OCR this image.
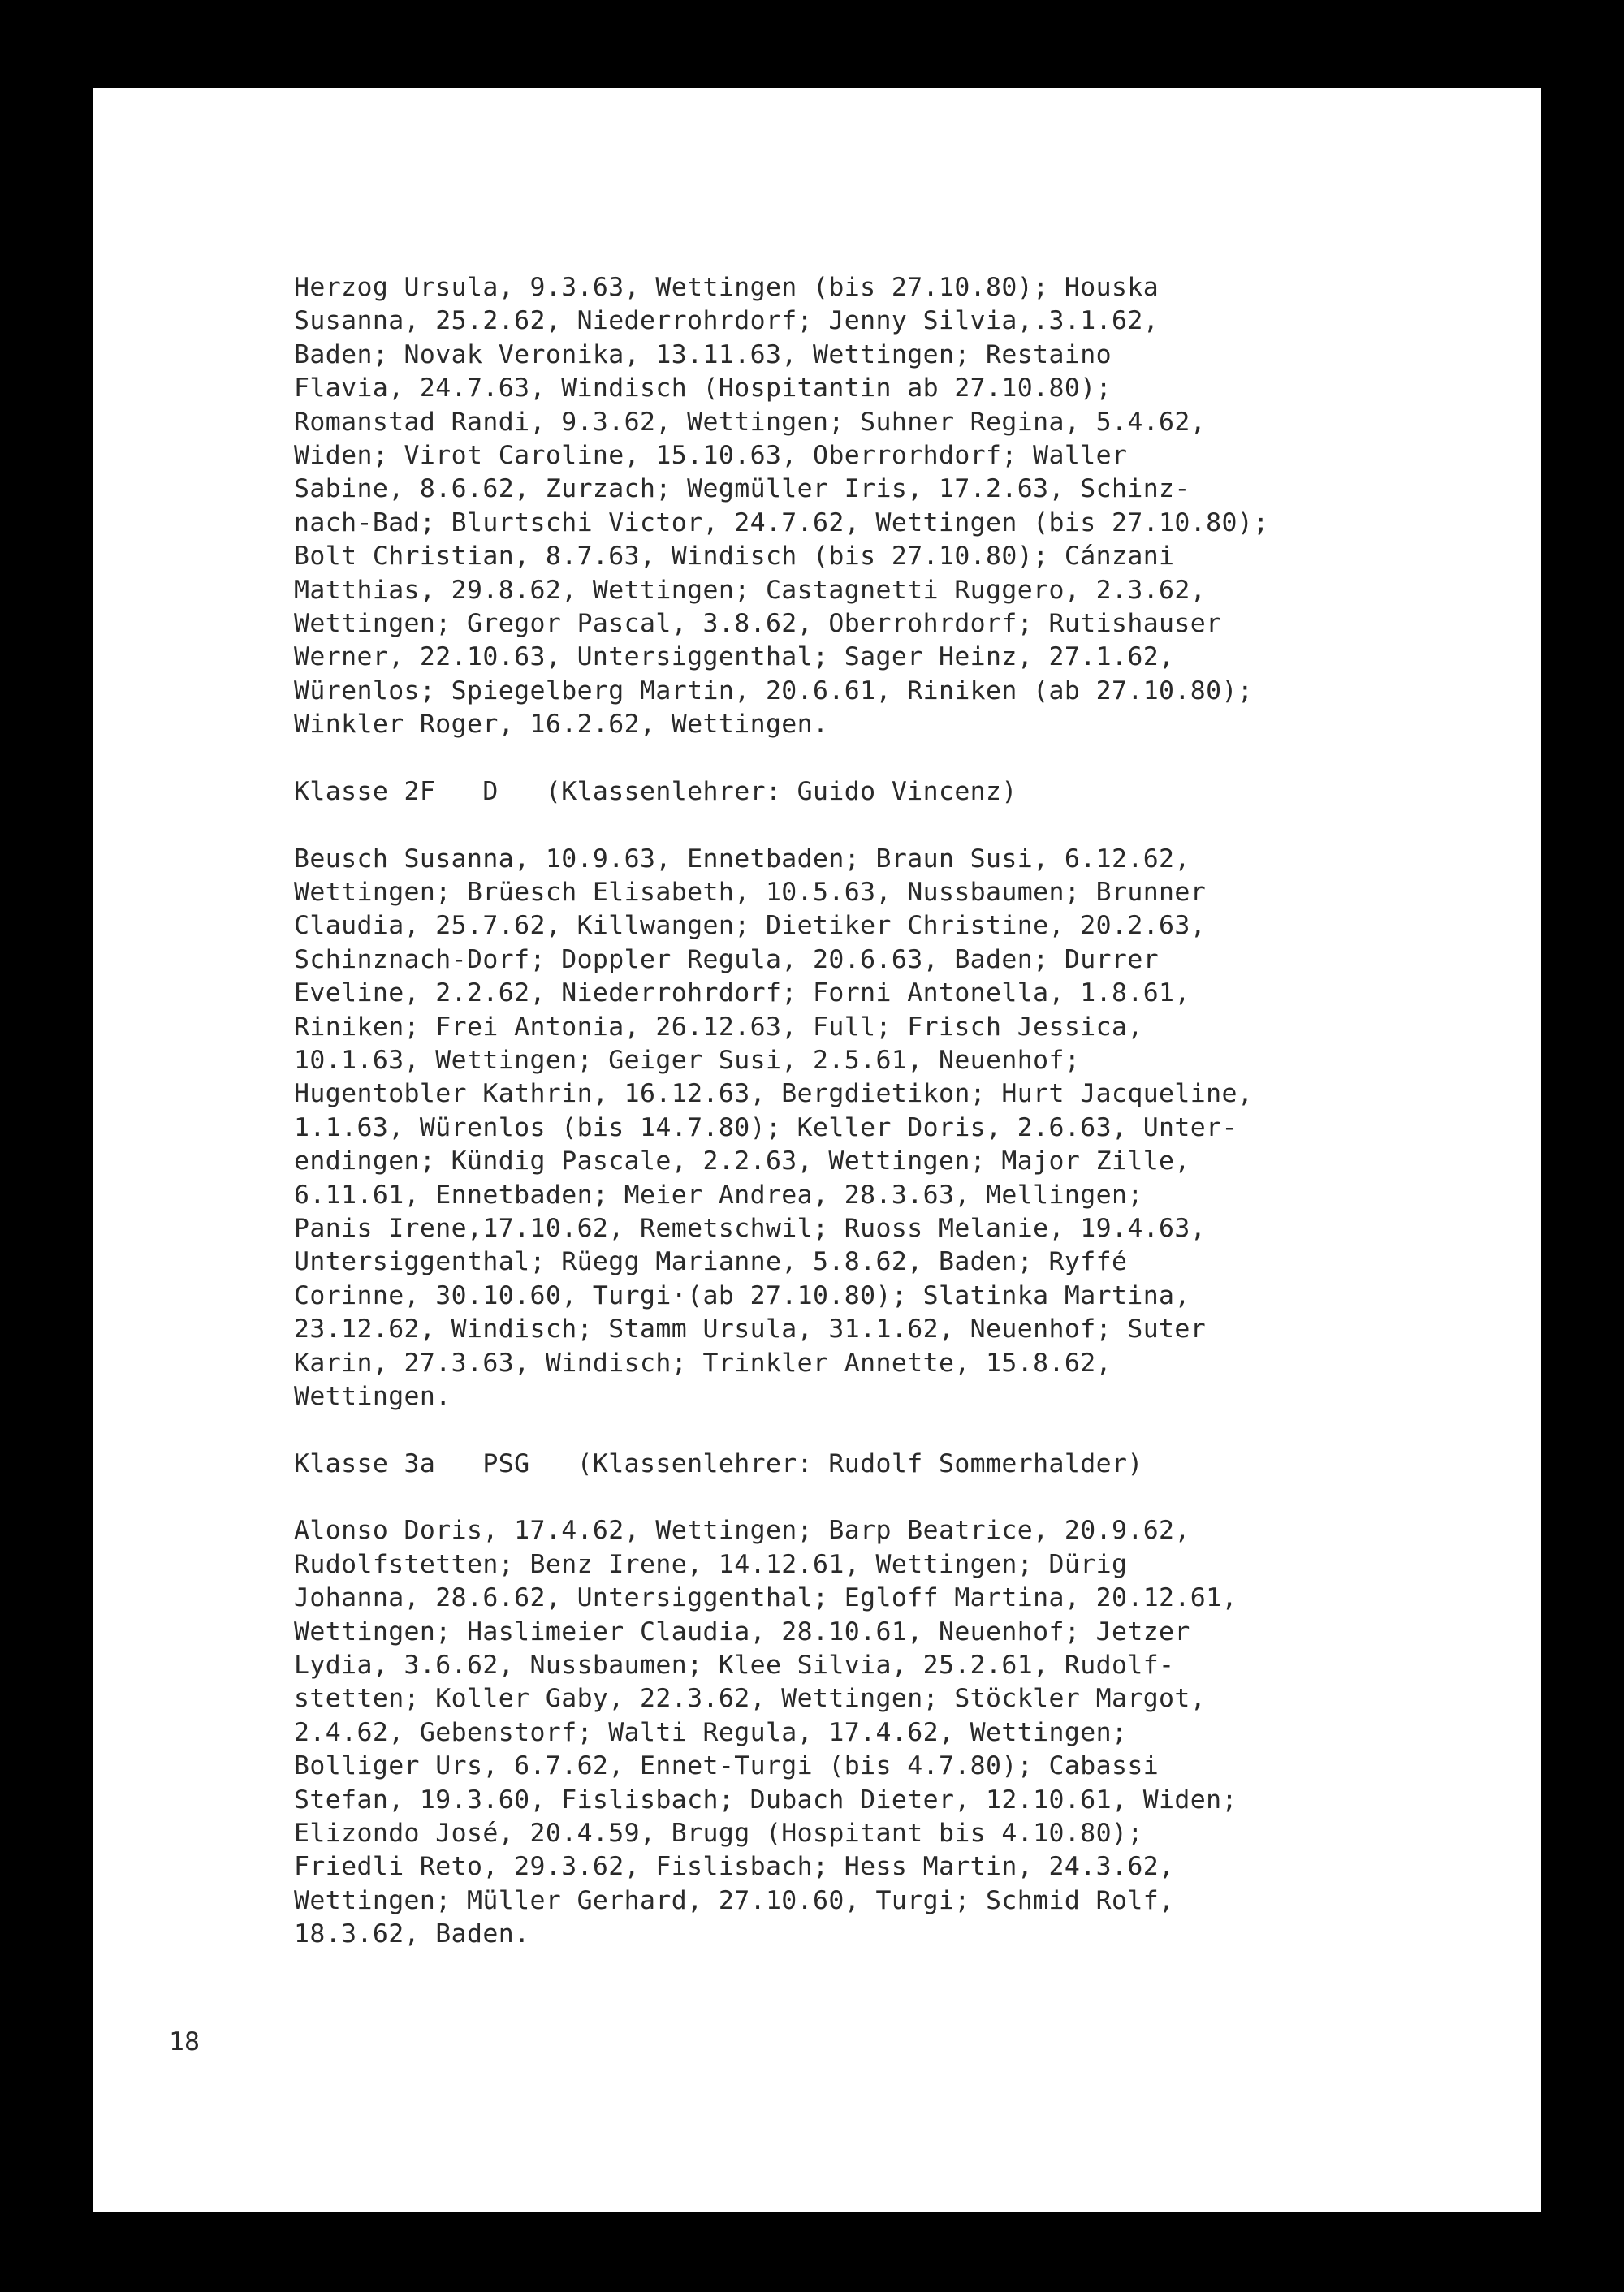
Herzog Ursula, 9.3.63, Wettingen (bis 27.10.80); Houska
Susanna, 25.2.62, Niederrohrdorf; Jenny Silvia,.3.1.62,
Baden; Novak Veronika, 13.11.63, Wettingen; Restaino
Flavia, 24.7.63, Windisch (Hospitantin ab 27.10.80);
Romanstad Randi, 9.3.62, Wettingen; Suhner Regina, 5.4.62,
Widen; Virot Caroline, 15.10.63, Oberrorhdorf; Waller
Sabine, 8.6.62, Zurzach; Wegmüller Iris, 17.2.63, Schinz-
nach-Bad; Blurtschi Victor, 24.7.62, Wettingen (bis 27.10.80);
Bolt Christian, 8.7.63, Windisch (bis 27.10.80); Cánzani
Matthias, 29.8.62, Wettingen; Castagnetti Ruggero, 2.3.62,
Wettingen; Gregor Pascal, 3.8.62, Oberrohrdorf; Rutishauser
Werner, 22.10.63, Untersiggenthal; Sager Heinz, 27.1.62,
Würenlos; Spiegelberg Martin, 20.6.61, Riniken (ab 27.10.80);
Winkler Roger, 16.2.62, Wettingen.
Klasse 2F   D   (Klassenlehrer: Guido Vincenz)
Beusch Susanna, 10.9.63, Ennetbaden; Braun Susi, 6.12.62,
Wettingen; Brüesch Elisabeth, 10.5.63, Nussbaumen; Brunner
Claudia, 25.7.62, Killwangen; Dietiker Christine, 20.2.63,
Schinznach-Dorf; Doppler Regula, 20.6.63, Baden; Durrer
Eveline, 2.2.62, Niederrohrdorf; Forni Antonella, 1.8.61,
Riniken; Frei Antonia, 26.12.63, Full; Frisch Jessica,
10.1.63, Wettingen; Geiger Susi, 2.5.61, Neuenhof;
Hugentobler Kathrin, 16.12.63, Bergdietikon; Hurt Jacqueline,
1.1.63, Würenlos (bis 14.7.80); Keller Doris, 2.6.63, Unter-
endingen; Kündig Pascale, 2.2.63, Wettingen; Major Zille,
6.11.61, Ennetbaden; Meier Andrea, 28.3.63, Mellingen;
Panis Irene,17.10.62, Remetschwil; Ruoss Melanie, 19.4.63,
Untersiggenthal; Rüegg Marianne, 5.8.62, Baden; Ryffé
Corinne, 30.10.60, Turgi·(ab 27.10.80); Slatinka Martina,
23.12.62, Windisch; Stamm Ursula, 31.1.62, Neuenhof; Suter
Karin, 27.3.63, Windisch; Trinkler Annette, 15.8.62,
Wettingen.
Klasse 3a   PSG   (Klassenlehrer: Rudolf Sommerhalder)
Alonso Doris, 17.4.62, Wettingen; Barp Beatrice, 20.9.62,
Rudolfstetten; Benz Irene, 14.12.61, Wettingen; Dürig
Johanna, 28.6.62, Untersiggenthal; Egloff Martina, 20.12.61,
Wettingen; Haslimeier Claudia, 28.10.61, Neuenhof; Jetzer
Lydia, 3.6.62, Nussbaumen; Klee Silvia, 25.2.61, Rudolf-
stetten; Koller Gaby, 22.3.62, Wettingen; Stöckler Margot,
2.4.62, Gebenstorf; Walti Regula, 17.4.62, Wettingen;
Bolliger Urs, 6.7.62, Ennet-Turgi (bis 4.7.80); Cabassi
Stefan, 19.3.60, Fislisbach; Dubach Dieter, 12.10.61, Widen;
Elizondo José, 20.4.59, Brugg (Hospitant bis 4.10.80);
Friedli Reto, 29.3.62, Fislisbach; Hess Martin, 24.3.62,
Wettingen; Müller Gerhard, 27.10.60, Turgi; Schmid Rolf,
18.3.62, Baden.
18
